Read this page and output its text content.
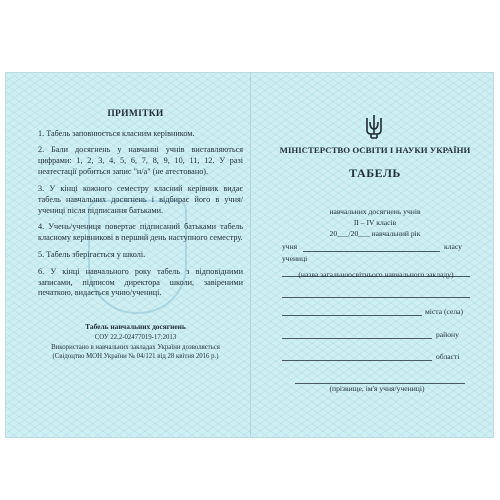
ПРИМІТКИ
1. Табель заповнюється класним керівником.
2. Бали досягнень у навчанні учнів виставляються цифрами: 1, 2, 3, 4, 5, 6, 7, 8, 9, 10, 11, 12. У разі неатестації робиться запис "н/а" (не атестовано).
3. У кінці кожного семестру класний керівник видає табель навчальних досягнень і відбирає його в учня/учениці після підписання батьками.
4. Учень/учениця повертає підписаний батьками табель класному керівникові в перший день наступного семестру.
5. Табель зберігається у школі.
6. У кінці навчального року табель з відповідними записами, підписом директора школи, завіреними печаткою, видається учню/учениці.
Табель навчальних досягнень
СОУ 22.2-02477019-17:2013
Використано в навчальних закладах України дозволяється
(Свідоцтво МОН України № 04/121 від 28 квітня 2016 р.)
МІНІСТЕРСТВО ОСВІТИ І НАУКИ УКРАЇНИ
ТАБЕЛЬ
навчальних досягнень учнів
II – IV класів
20___/20___ навчальний рік
учня	класу
учениці
(назва загальноосвітнього навчального закладу)
міста (села)
району
області
(прізвище, ім'я учня/учениці)
